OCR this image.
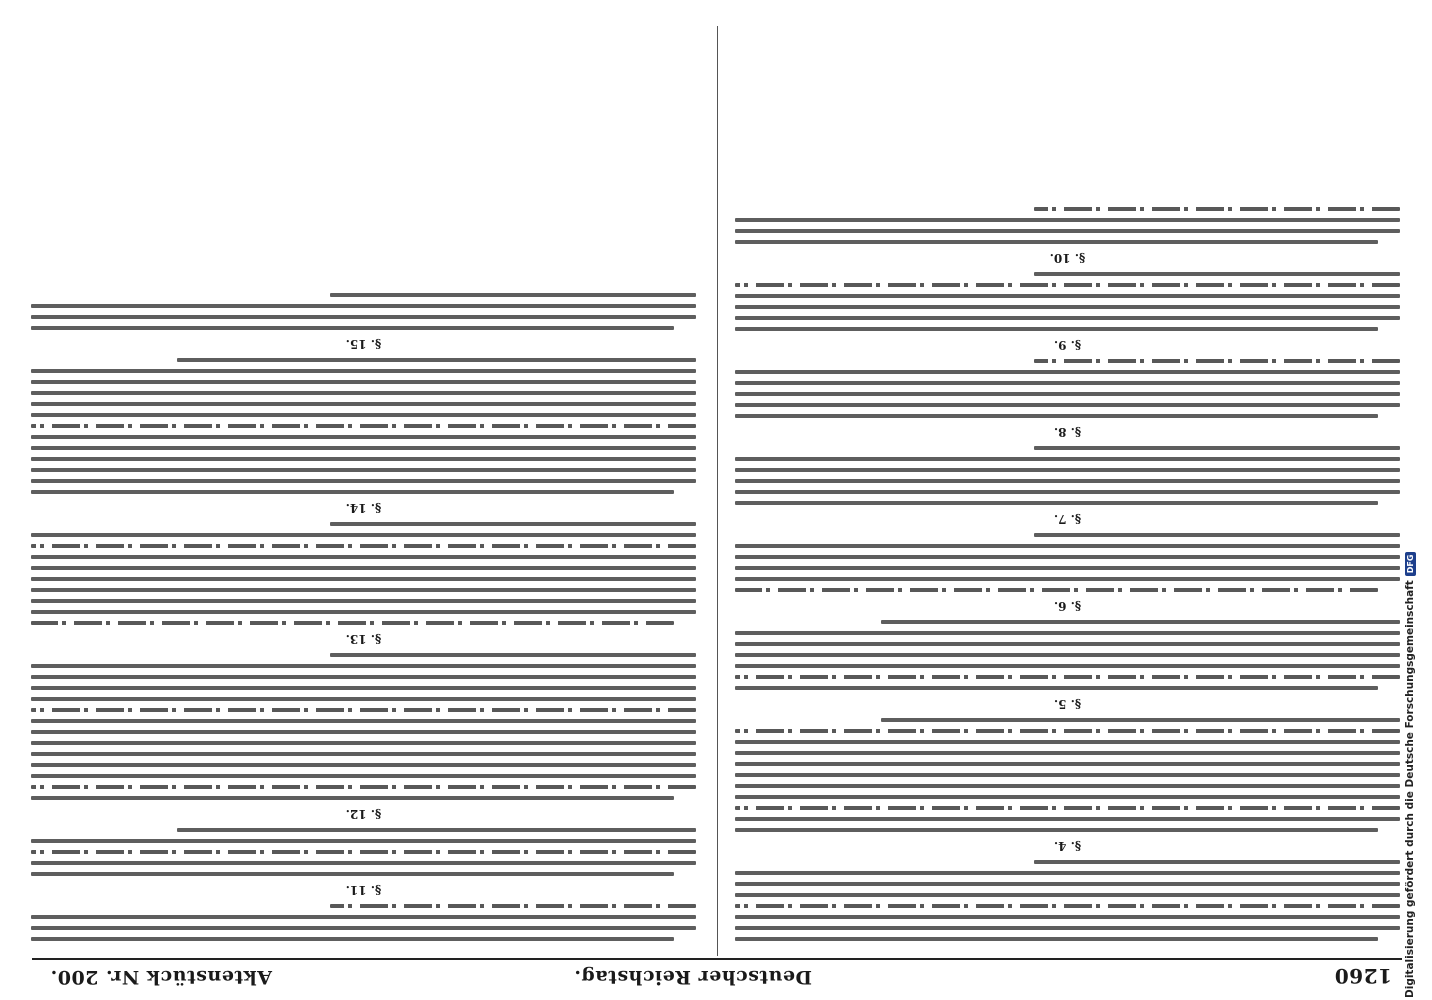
1260
Deutscher Reichstag.
Aktenstück Nr. 200.
§. 4.
§. 5.
§. 6.
§. 7.
§. 8.
§. 9.
§. 10.
§. 11.
§. 12.
§. 13.
§. 14.
§. 15.
Digitalisierung gefördert durch die Deutsche Forschungsgemeinschaft
DFG
